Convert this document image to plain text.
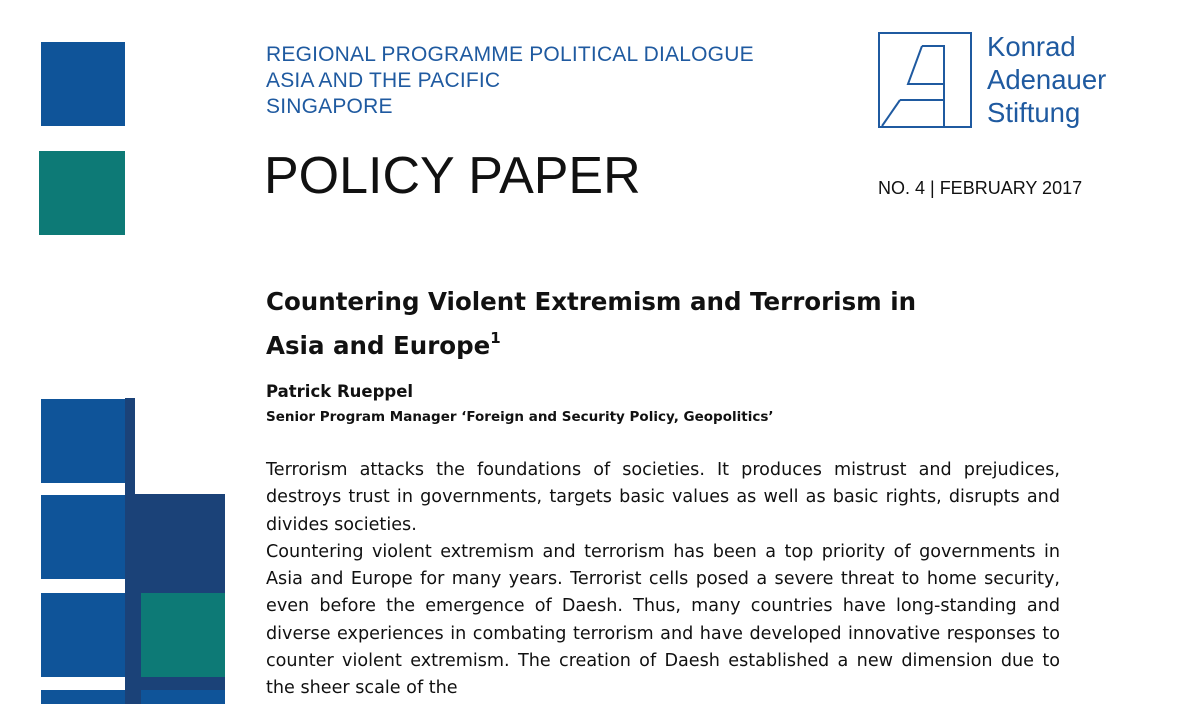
REGIONAL PROGRAMME POLITICAL DIALOGUE
ASIA AND THE PACIFIC
SINGAPORE
Konrad
Adenauer
Stiftung
POLICY PAPER	NO. 4 | FEBRUARY 2017
Countering Violent Extremism and Terrorism in
Asia and Europe$^1$
Patrick Rueppel
Senior Program Manager ‘Foreign and Security Policy, Geopolitics’

Terrorism attacks the foundations of societies. It produces mistrust and prejudices, destroys trust in governments, targets basic values as well as basic rights, disrupts and divides societies.

Countering violent extremism and terrorism has been a top priority of governments in Asia and Europe for many years. Terrorist cells posed a severe threat to home security, even before the emergence of Daesh. Thus, many countries have long-standing and diverse experiences in combating terrorism and have developed innovative responses to counter violent extremism. The creation of Daesh established a new dimension due to the sheer scale of the
